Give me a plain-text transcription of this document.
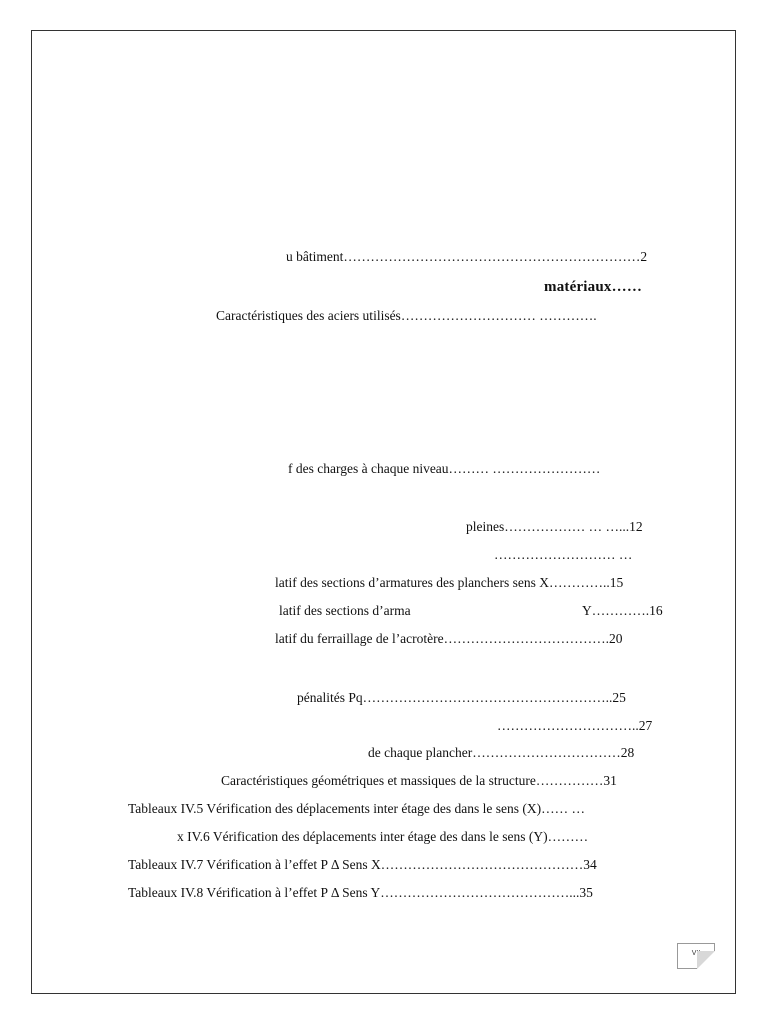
u bâtiment…………………………………………………………2
matériaux……
Caractéristiques des aciers utilisés………………………… ………….
f des charges à chaque niveau……… ……………………
pleines……………… … …...12
……………………… …
latif des sections d’armatures des planchers sens X…………..15
latif des sections d’arma	Y………….16
latif du ferraillage de l’acrotère……………………………….20
pénalités Pq………………………………………………..25
…………………………..27
de chaque plancher……………………………28
Caractéristiques géométriques et massiques de la structure……………31
Tableaux IV.5 Vérification des déplacements inter étage des dans le sens (X)…… …
x IV.6 Vérification des déplacements inter étage des dans le sens (Y)………
Tableaux IV.7 Vérification à l’effet P Δ Sens X………………………………………34
Tableaux IV.8 Vérification à l’effet P Δ Sens Y……………………………………...35
VII
